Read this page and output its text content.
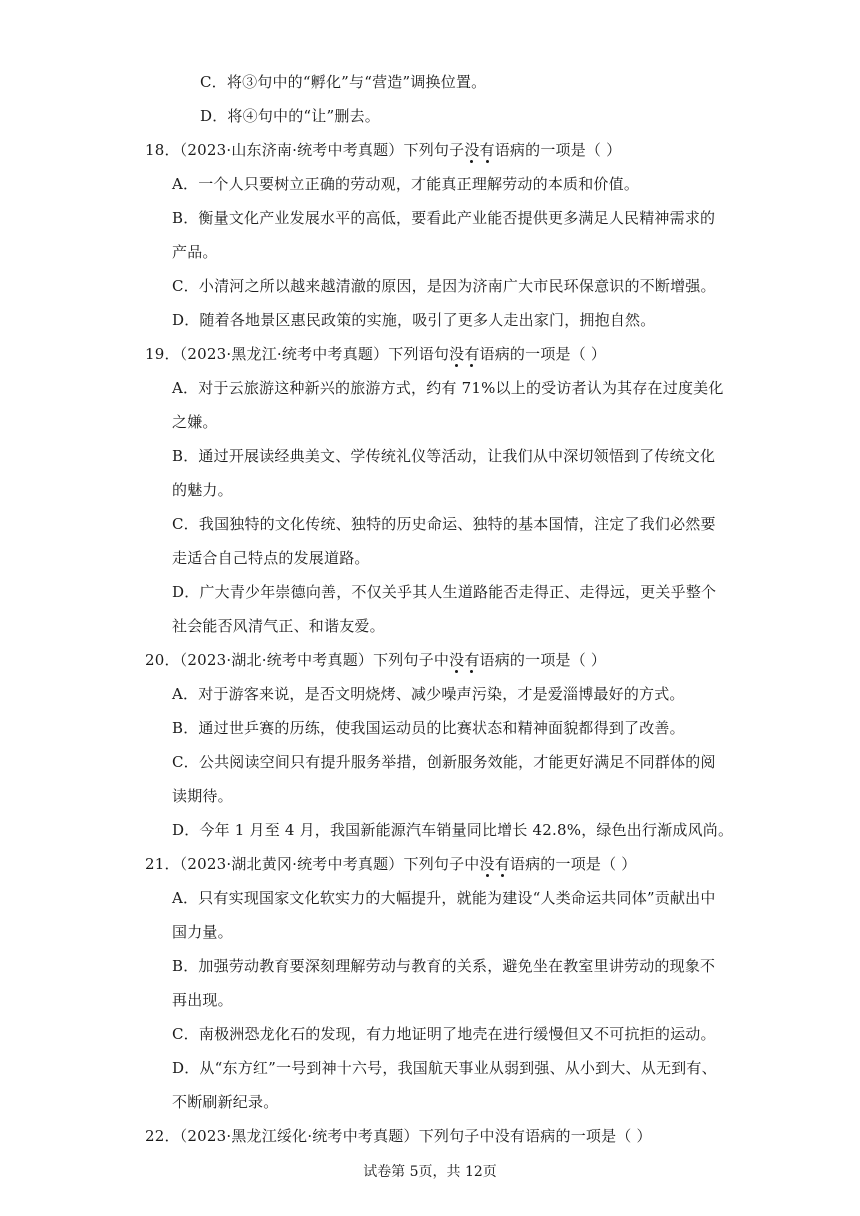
C．将③句中的“孵化”与“营造”调换位置。
D．将④句中的“让”删去。
18．（2023·山东济南·统考中考真题）下列句子没有语病的一项是（ ）
A．一个人只要树立正确的劳动观，才能真正理解劳动的本质和价值。
B．衡量文化产业发展水平的高低，要看此产业能否提供更多满足人民精神需求的
产品。
C．小清河之所以越来越清澈的原因，是因为济南广大市民环保意识的不断增强。
D．随着各地景区惠民政策的实施，吸引了更多人走出家门，拥抱自然。
19．（2023·黑龙江·统考中考真题）下列语句没有语病的一项是（ ）
A．对于云旅游这种新兴的旅游方式，约有 71%以上的受访者认为其存在过度美化
之嫌。
B．通过开展读经典美文、学传统礼仪等活动，让我们从中深切领悟到了传统文化
的魅力。
C．我国独特的文化传统、独特的历史命运、独特的基本国情，注定了我们必然要
走适合自己特点的发展道路。
D．广大青少年崇德向善，不仅关乎其人生道路能否走得正、走得远，更关乎整个
社会能否风清气正、和谐友爱。
20．（2023·湖北·统考中考真题）下列句子中没有语病的一项是（ ）
A．对于游客来说，是否文明烧烤、减少噪声污染，才是爱淄博最好的方式。
B．通过世乒赛的历练，使我国运动员的比赛状态和精神面貌都得到了改善。
C．公共阅读空间只有提升服务举措，创新服务效能，才能更好满足不同群体的阅
读期待。
D．今年 1 月至 4 月，我国新能源汽车销量同比增长 42.8%，绿色出行渐成风尚。
21．（2023·湖北黄冈·统考中考真题）下列句子中没有语病的一项是（ ）
A．只有实现国家文化软实力的大幅提升，就能为建设“人类命运共同体”贡献出中
国力量。
B．加强劳动教育要深刻理解劳动与教育的关系，避免坐在教室里讲劳动的现象不
再出现。
C．南极洲恐龙化石的发现，有力地证明了地壳在进行缓慢但又不可抗拒的运动。
D．从“东方红”一号到神十六号，我国航天事业从弱到强、从小到大、从无到有、
不断刷新纪录。
22．（2023·黑龙江绥化·统考中考真题）下列句子中没有语病的一项是（ ）
试卷第 5页，共 12页
